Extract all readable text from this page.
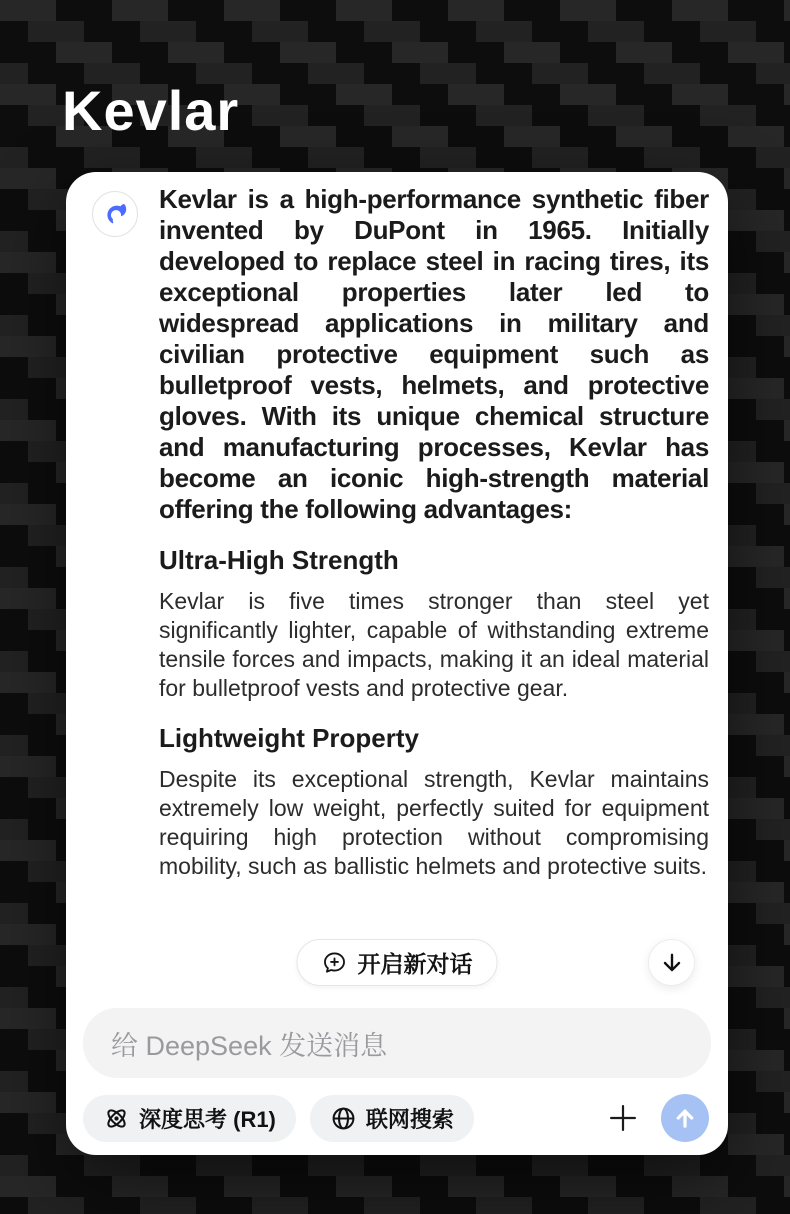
Kevlar

Kevlar is a high-performance synthetic fiber invented by DuPont in 1965. Initially developed to replace steel in racing tires, its exceptional properties later led to widespread applications in military and civilian protective equipment such as bulletproof vests, helmets, and protective gloves. With its unique chemical structure and manufacturing processes, Kevlar has become an iconic high-strength material offering the following advantages:

Ultra-High Strength

Kevlar is five times stronger than steel yet significantly lighter, capable of withstanding extreme tensile forces and impacts, making it an ideal material for bulletproof vests and protective gear.

Lightweight Property

Despite its exceptional strength, Kevlar maintains extremely low weight, perfectly suited for equipment requiring high protection without compromising mobility, such as ballistic helmets and protective suits.

开启新对话
给 DeepSeek 发送消息
深度思考 (R1)	联网搜索
